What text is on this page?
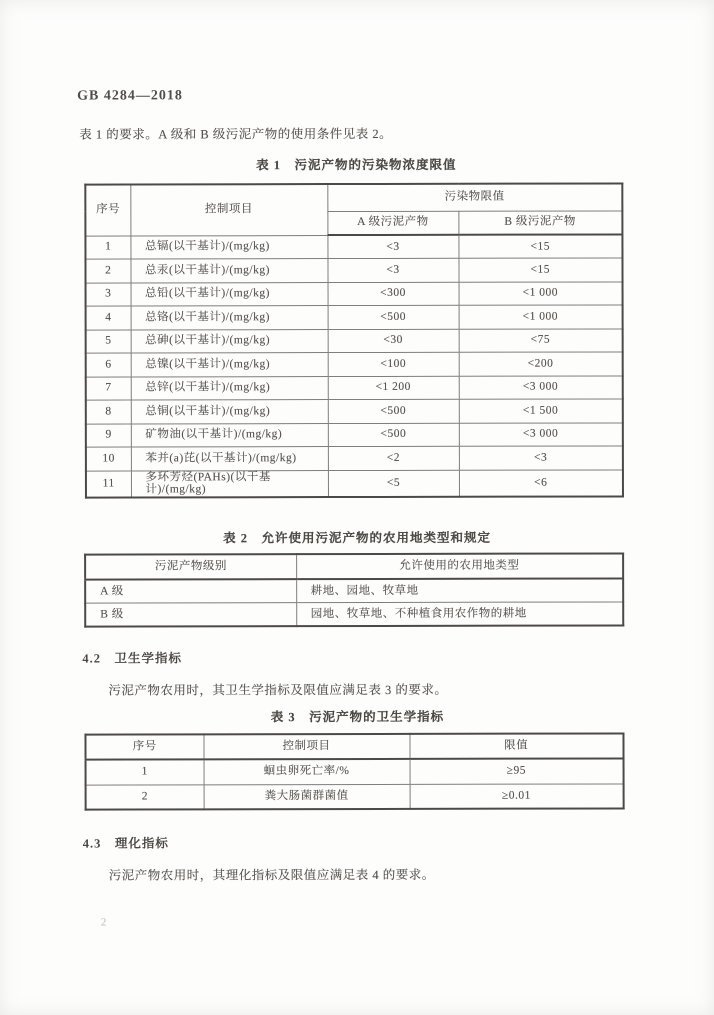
GB 4284—2018
表 1 的要求。A 级和 B 级污泥产物的使用条件见表 2。
表 1　污泥产物的污染物浓度限值
序号	控制项目	污染物限值	
		A 级污泥产物	B 级污泥产物
1	总镉(以干基计)/(mg/kg)	<3	<15
2	总汞(以干基计)/(mg/kg)	<3	<15
3	总铅(以干基计)/(mg/kg)	<300	<1 000
4	总铬(以干基计)/(mg/kg)	<500	<1 000
5	总砷(以干基计)/(mg/kg)	<30	<75
6	总镍(以干基计)/(mg/kg)	<100	<200
7	总锌(以干基计)/(mg/kg)	<1 200	<3 000
8	总铜(以干基计)/(mg/kg)	<500	<1 500
9	矿物油(以干基计)/(mg/kg)	<500	<3 000
10	苯并(a)芘(以干基计)/(mg/kg)	<2	<3
11	多环芳烃(PAHs)(以干基计)/(mg/kg)	<5	<6
表 2　允许使用污泥产物的农用地类型和规定
污泥产物级别	允许使用的农用地类型
A 级	耕地、园地、牧草地
B 级	园地、牧草地、不种植食用农作物的耕地
4.2　卫生学指标
污泥产物农用时，其卫生学指标及限值应满足表 3 的要求。
表 3　污泥产物的卫生学指标
序号	控制项目	限值
1	蛔虫卵死亡率/%	≥95
2	粪大肠菌群菌值	≥0.01
4.3　理化指标
污泥产物农用时，其理化指标及限值应满足表 4 的要求。
2
